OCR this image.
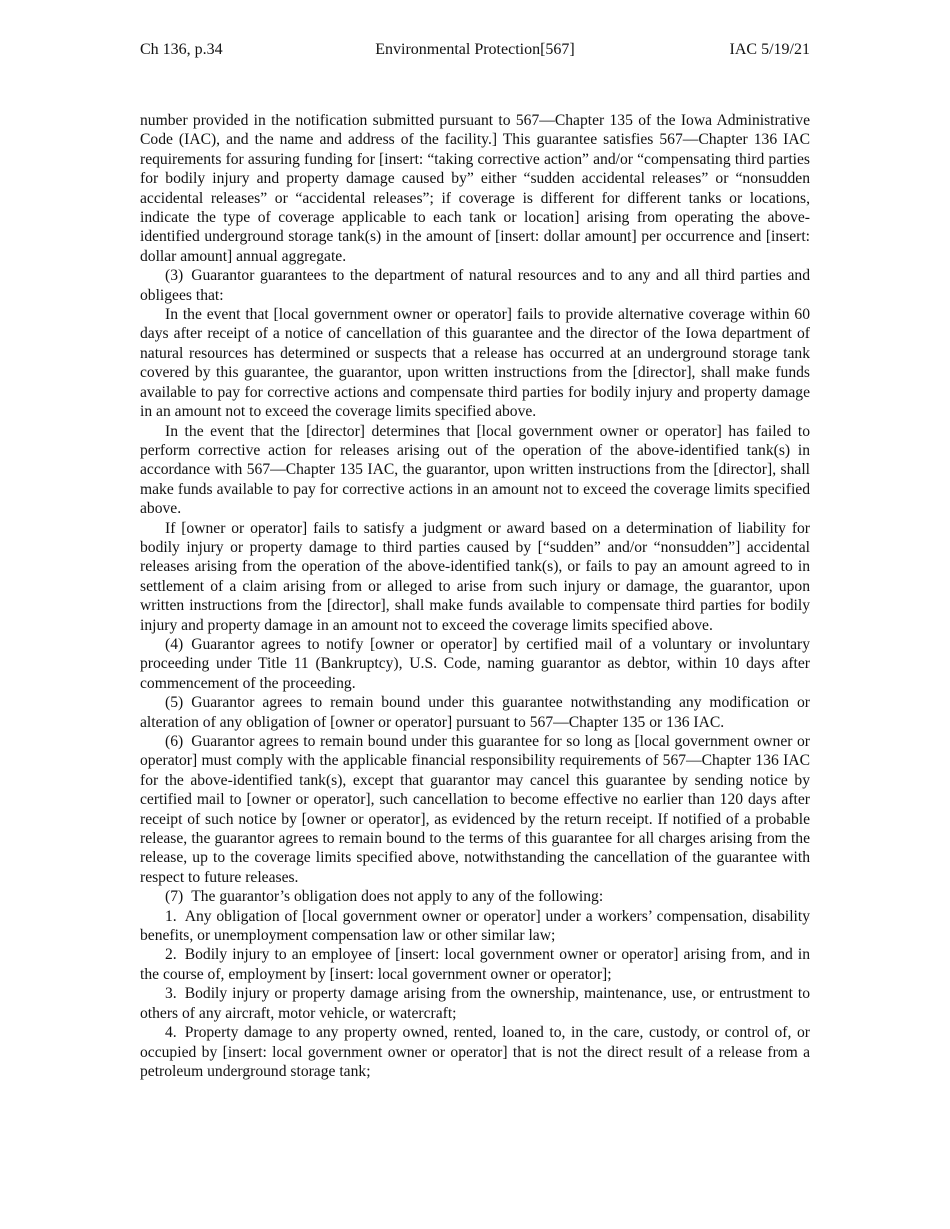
Ch 136, p.34	Environmental Protection[567]	IAC 5/19/21

number provided in the notification submitted pursuant to 567—Chapter 135 of the Iowa Administrative Code (IAC), and the name and address of the facility.] This guarantee satisfies 567—Chapter 136 IAC requirements for assuring funding for [insert: “taking corrective action” and/or “compensating third parties for bodily injury and property damage caused by” either “sudden accidental releases” or “nonsudden accidental releases” or “accidental releases”; if coverage is different for different tanks or locations, indicate the type of coverage applicable to each tank or location] arising from operating the above-identified underground storage tank(s) in the amount of [insert: dollar amount] per occurrence and [insert: dollar amount] annual aggregate.

(3) Guarantor guarantees to the department of natural resources and to any and all third parties and obligees that:

In the event that [local government owner or operator] fails to provide alternative coverage within 60 days after receipt of a notice of cancellation of this guarantee and the director of the Iowa department of natural resources has determined or suspects that a release has occurred at an underground storage tank covered by this guarantee, the guarantor, upon written instructions from the [director], shall make funds available to pay for corrective actions and compensate third parties for bodily injury and property damage in an amount not to exceed the coverage limits specified above.

In the event that the [director] determines that [local government owner or operator] has failed to perform corrective action for releases arising out of the operation of the above-identified tank(s) in accordance with 567—Chapter 135 IAC, the guarantor, upon written instructions from the [director], shall make funds available to pay for corrective actions in an amount not to exceed the coverage limits specified above.

If [owner or operator] fails to satisfy a judgment or award based on a determination of liability for bodily injury or property damage to third parties caused by [“sudden” and/or “nonsudden”] accidental releases arising from the operation of the above-identified tank(s), or fails to pay an amount agreed to in settlement of a claim arising from or alleged to arise from such injury or damage, the guarantor, upon written instructions from the [director], shall make funds available to compensate third parties for bodily injury and property damage in an amount not to exceed the coverage limits specified above.

(4) Guarantor agrees to notify [owner or operator] by certified mail of a voluntary or involuntary proceeding under Title 11 (Bankruptcy), U.S. Code, naming guarantor as debtor, within 10 days after commencement of the proceeding.

(5) Guarantor agrees to remain bound under this guarantee notwithstanding any modification or alteration of any obligation of [owner or operator] pursuant to 567—Chapter 135 or 136 IAC.

(6) Guarantor agrees to remain bound under this guarantee for so long as [local government owner or operator] must comply with the applicable financial responsibility requirements of 567—Chapter 136 IAC for the above-identified tank(s), except that guarantor may cancel this guarantee by sending notice by certified mail to [owner or operator], such cancellation to become effective no earlier than 120 days after receipt of such notice by [owner or operator], as evidenced by the return receipt. If notified of a probable release, the guarantor agrees to remain bound to the terms of this guarantee for all charges arising from the release, up to the coverage limits specified above, notwithstanding the cancellation of the guarantee with respect to future releases.

(7) The guarantor’s obligation does not apply to any of the following:

1. Any obligation of [local government owner or operator] under a workers’ compensation, disability benefits, or unemployment compensation law or other similar law;

2. Bodily injury to an employee of [insert: local government owner or operator] arising from, and in the course of, employment by [insert: local government owner or operator];

3. Bodily injury or property damage arising from the ownership, maintenance, use, or entrustment to others of any aircraft, motor vehicle, or watercraft;

4. Property damage to any property owned, rented, loaned to, in the care, custody, or control of, or occupied by [insert: local government owner or operator] that is not the direct result of a release from a petroleum underground storage tank;
